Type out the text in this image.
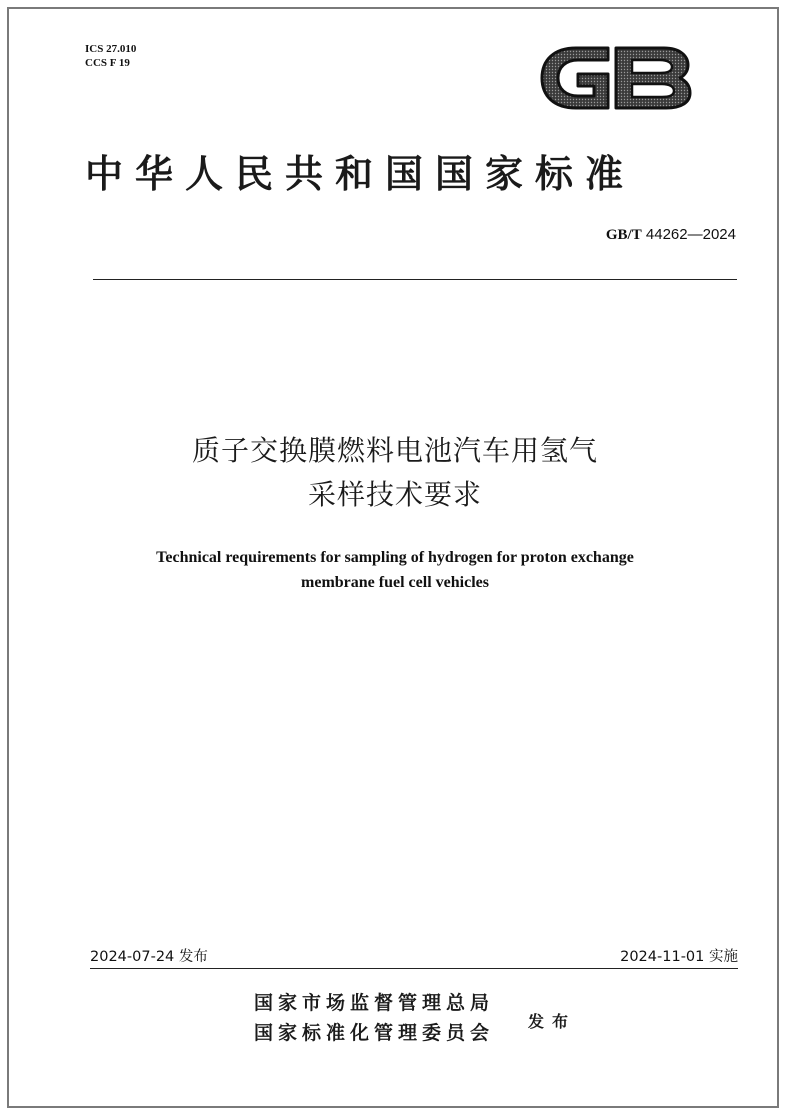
ICS 27.010
CCS F 19
中华人民共和国国家标准
GB/T 44262—2024
质子交换膜燃料电池汽车用氢气
采样技术要求
Technical requirements for sampling of hydrogen for proton exchange
membrane fuel cell vehicles
2024-07-24 发布	2024-11-01 实施
国家市场监督管理总局
国家标准化管理委员会
发布
